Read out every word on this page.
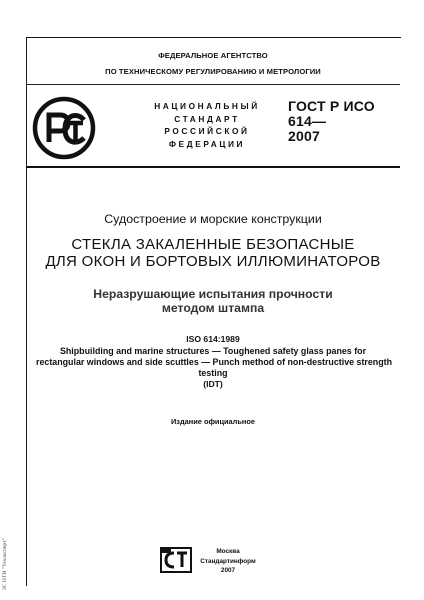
ФЕДЕРАЛЬНОЕ АГЕНТСТВО
ПО ТЕХНИЧЕСКОМУ РЕГУЛИРОВАНИЮ И МЕТРОЛОГИИ
НАЦИОНАЛЬНЫЙ
СТАНДАРТ
РОССИЙСКОЙ
ФЕДЕРАЦИИ
ГОСТ Р ИСО
614—
2007
Судостроение и морские конструкции
СТЕКЛА ЗАКАЛЕННЫЕ БЕЗОПАСНЫЕ
ДЛЯ ОКОН И БОРТОВЫХ ИЛЛЮМИНАТОРОВ
Неразрушающие испытания прочности
методом штампа
ISO 614:1989
Shipbuilding and marine structures — Toughened safety glass panes for
rectangular windows and side scuttles — Punch method of non-destructive strength
testing
(IDT)
Издание официальное
Москва
Стандартинформ
2007
ЗС НТИ "Техэксперт"
